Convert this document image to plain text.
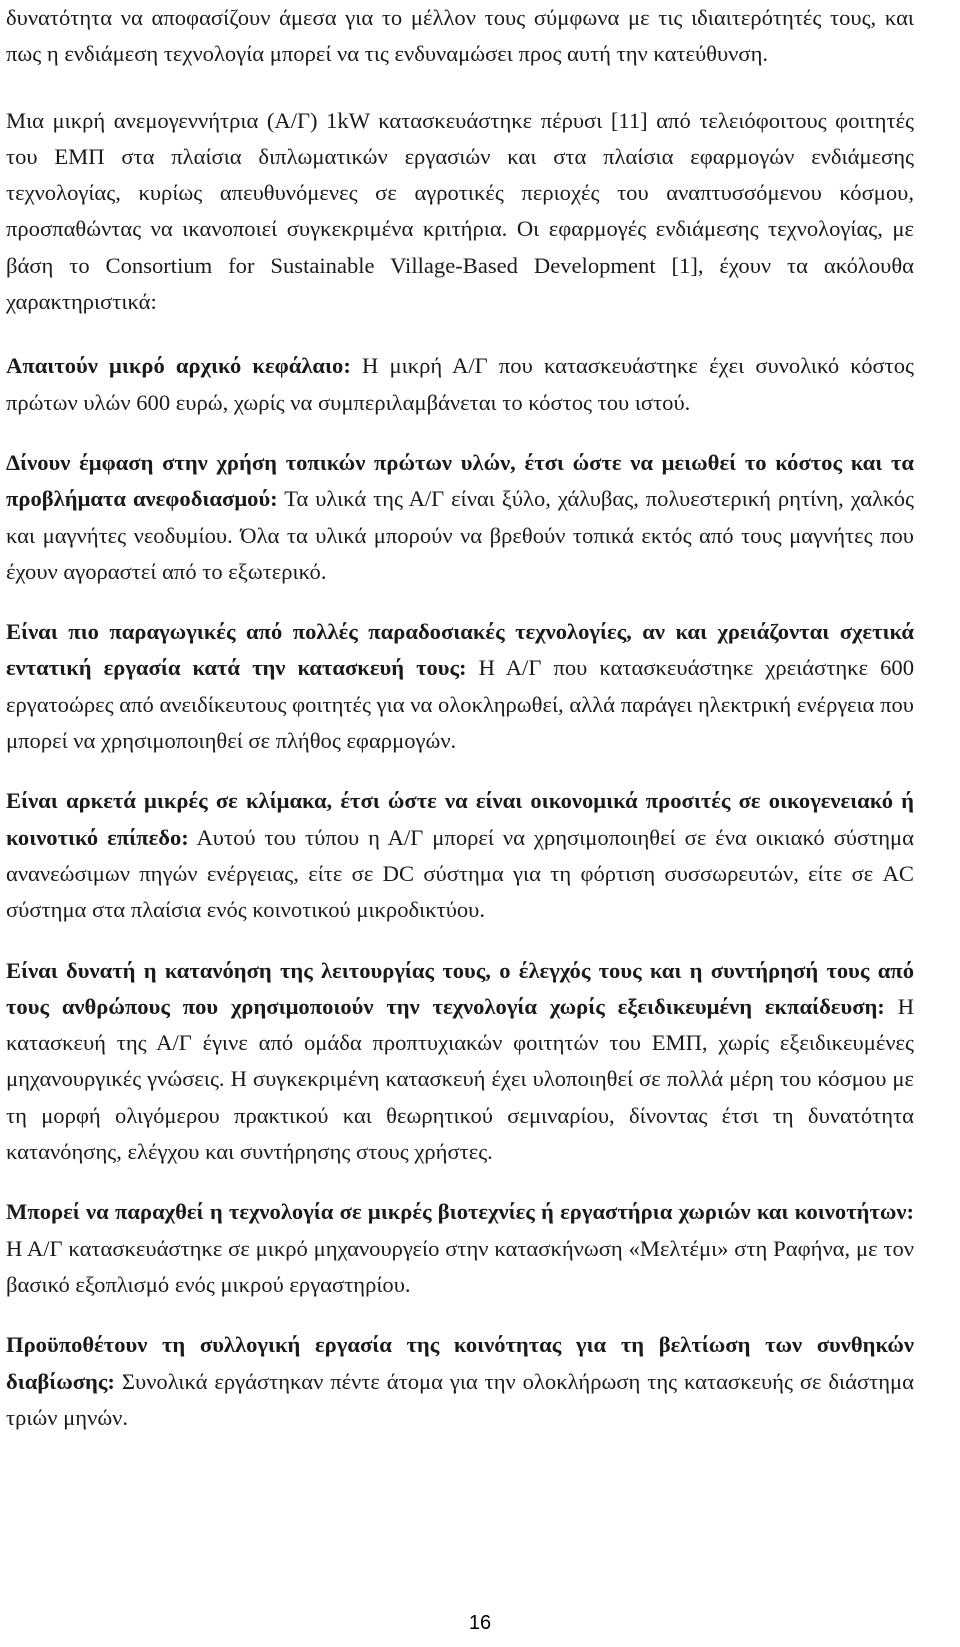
δυνατότητα να αποφασίζουν άμεσα για το μέλλον τους σύμφωνα με τις ιδιαιτερότητές τους, και πως η ενδιάμεση τεχνολογία μπορεί να τις ενδυναμώσει προς αυτή την κατεύθυνση.

Μια μικρή ανεμογεννήτρια (Α/Γ) 1kW κατασκευάστηκε πέρυσι [11] από τελειόφοιτους φοιτητές του ΕΜΠ στα πλαίσια διπλωματικών εργασιών και στα πλαίσια εφαρμογών ενδιάμεσης τεχνολογίας, κυρίως απευθυνόμενες σε αγροτικές περιοχές του αναπτυσσόμενου κόσμου, προσπαθώντας να ικανοποιεί συγκεκριμένα κριτήρια. Οι εφαρμογές ενδιάμεσης τεχνολογίας, με βάση το Consortium for Sustainable Village-Based Development [1], έχουν τα ακόλουθα χαρακτηριστικά:

Απαιτούν μικρό αρχικό κεφάλαιο: Η μικρή Α/Γ που κατασκευάστηκε έχει συνολικό κόστος πρώτων υλών 600 ευρώ, χωρίς να συμπεριλαμβάνεται το κόστος του ιστού.

Δίνουν έμφαση στην χρήση τοπικών πρώτων υλών, έτσι ώστε να μειωθεί το κόστος και τα προβλήματα ανεφοδιασμού: Τα υλικά της Α/Γ είναι ξύλο, χάλυβας, πολυεστερική ρητίνη, χαλκός και μαγνήτες νεοδυμίου. Όλα τα υλικά μπορούν να βρεθούν τοπικά εκτός από τους μαγνήτες που έχουν αγοραστεί από το εξωτερικό.

Είναι πιο παραγωγικές από πολλές παραδοσιακές τεχνολογίες, αν και χρειάζονται σχετικά εντατική εργασία κατά την κατασκευή τους: Η Α/Γ που κατασκευάστηκε χρειάστηκε 600 εργατοώρες από ανειδίκευτους φοιτητές για να ολοκληρωθεί, αλλά παράγει ηλεκτρική ενέργεια που μπορεί να χρησιμοποιηθεί σε πλήθος εφαρμογών.

Είναι αρκετά μικρές σε κλίμακα, έτσι ώστε να είναι οικονομικά προσιτές σε οικογενειακό ή κοινοτικό επίπεδο: Αυτού του τύπου η Α/Γ μπορεί να χρησιμοποιηθεί σε ένα οικιακό σύστημα ανανεώσιμων πηγών ενέργειας, είτε σε DC σύστημα για τη φόρτιση συσσωρευτών, είτε σε AC σύστημα στα πλαίσια ενός κοινοτικού μικροδικτύου.

Είναι δυνατή η κατανόηση της λειτουργίας τους, ο έλεγχός τους και η συντήρησή τους από τους ανθρώπους που χρησιμοποιούν την τεχνολογία χωρίς εξειδικευμένη εκπαίδευση: Η κατασκευή της Α/Γ έγινε από ομάδα προπτυχιακών φοιτητών του ΕΜΠ, χωρίς εξειδικευμένες μηχανουργικές γνώσεις. Η συγκεκριμένη κατασκευή έχει υλοποιηθεί σε πολλά μέρη του κόσμου με τη μορφή ολιγόμερου πρακτικού και θεωρητικού σεμιναρίου, δίνοντας έτσι τη δυνατότητα κατανόησης, ελέγχου και συντήρησης στους χρήστες.

Μπορεί να παραχθεί η τεχνολογία σε μικρές βιοτεχνίες ή εργαστήρια χωριών και κοινοτήτων: Η Α/Γ κατασκευάστηκε σε μικρό μηχανουργείο στην κατασκήνωση «Μελτέμι» στη Ραφήνα, με τον βασικό εξοπλισμό ενός μικρού εργαστηρίου.

Προϋποθέτουν τη συλλογική εργασία της κοινότητας για τη βελτίωση των συνθηκών διαβίωσης: Συνολικά εργάστηκαν πέντε άτομα για την ολοκλήρωση της κατασκευής σε διάστημα τριών μηνών.

16
